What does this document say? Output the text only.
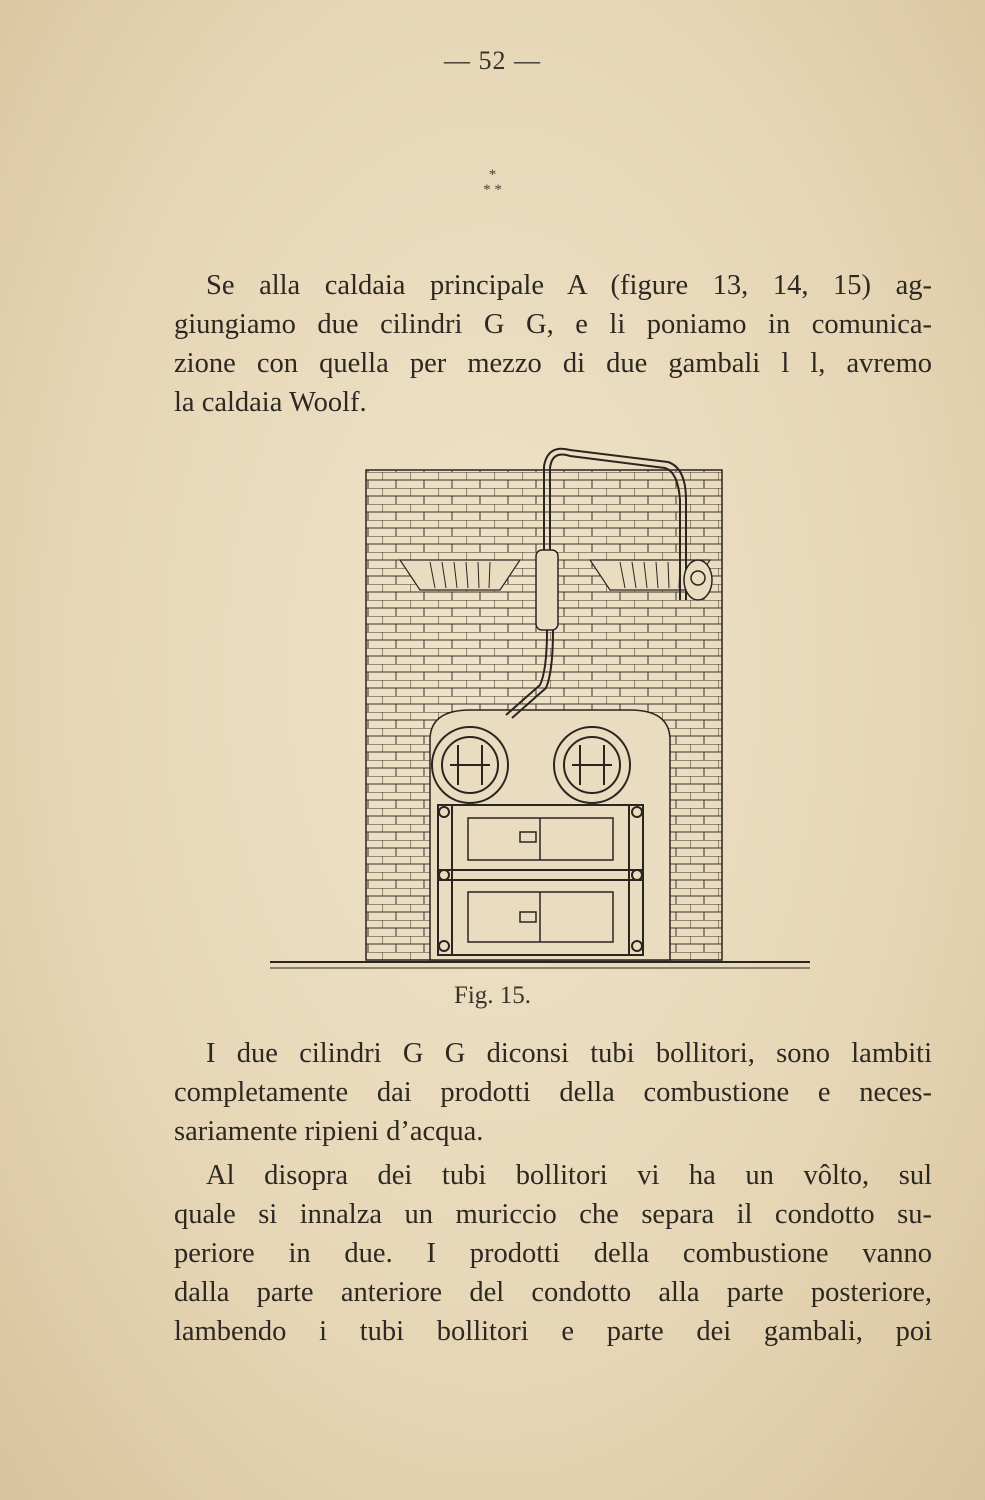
— 52 —
*
* *

Se alla caldaia principale A (figure 13, 14, 15) ag-
giungiamo due cilindri G G, e li poniamo in comunica-
zione con quella per mezzo di due gambali l l, avremo
la caldaia Woolf.

Fig. 15.

I due cilindri G G diconsi tubi bollitori, sono lambiti
completamente dai prodotti della combustione e neces-
sariamente ripieni d’acqua.

Al disopra dei tubi bollitori vi ha un vôlto, sul
quale si innalza un muriccio che separa il condotto su-
periore in due. I prodotti della combustione vanno
dalla parte anteriore del condotto alla parte posteriore,
lambendo i tubi bollitori e parte dei gambali, poi
